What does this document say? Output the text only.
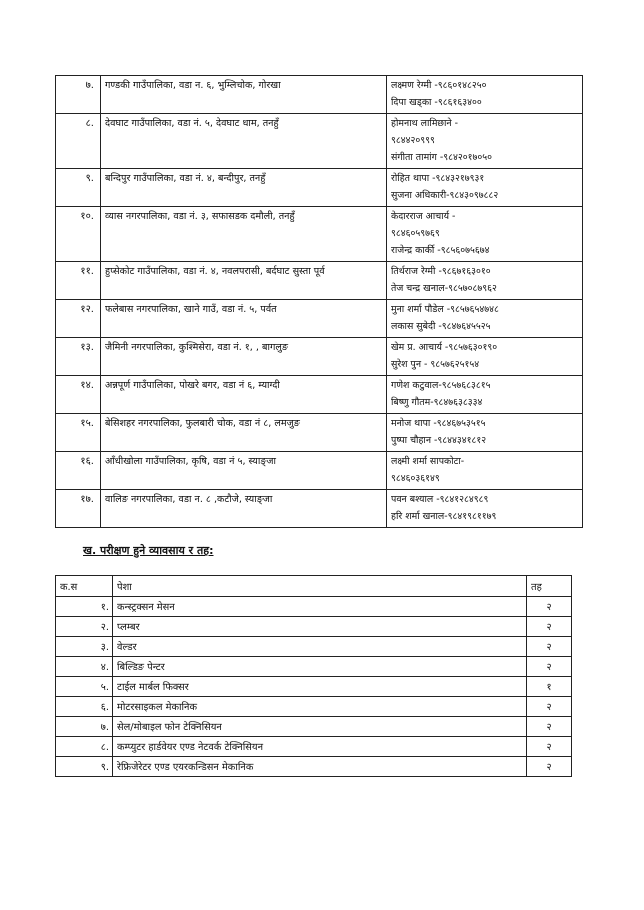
७.	गण्डकी गाउँपालिका, वडा न. ६, भुम्लिचोक, गोरखा	लक्ष्मण रेग्मी -९८६०१४८२५०
दिपा खड्का -९८६१६३४००

८.	देवघाट गाउँपालिका, वडा नं. ५, देवघाट धाम, तनहुँ	होमनाथ लामिछाने -
९८४४२०९९९
संगीता तामांग -९८४२०१७०५०

९.	बन्दिपुर गाउँपालिका, वडा नं. ४, बन्दीपुर, तनहुँ	रोहित थापा -९८४३२१७९३१
सुजना अधिकारी-९८४३०९७८८२

१०.	व्यास नगरपालिका, वडा नं. ३, सफासडक दमौली, तनहुँ	केदारराज आचार्य -
९८४६०५९७६९
राजेन्द्र कार्की -९८५६०७५६७४

११.	हुप्सेकोट गाउँपालिका, वडा नं. ४, नवलपरासी, बर्दघाट सुस्ता पूर्व	तिर्थराज रेग्मी -९८६७१६३०१०
तेज चन्द्र खनाल-९८५७०८७९६२

१२.	फलेबास नगरपालिका, खाने गाउँ, वडा नं. ५, पर्वत	मुना शर्मा पौडेल -९८५७६५४७४८
लकास सुबेदी -९८४७६४५५२५

१३.	जैमिनी नगरपालिका, कुश्मिसेरा, वडा नं. १, , बागलुङ	खेम प्र. आचार्य -९८५७६३०१९०
सुरेश पुन - ९८५७६२५१५४

१४.	अन्नपूर्ण गाउँपालिका, पोखरे बगर, वडा नं ६, म्याग्दी	गणेश कटुवाल-९८५७६८३८१५
बिष्णु गौतम-९८४७६३८३३४

१५.	बेसिशहर नगरपालिका, फुलबारी चोक, वडा नं ८, लमजुङ	मनोज थापा -९८४६७५३५१५
पुष्पा चौहान -९८४४३४१८१२

१६.	आँधीखोला गाउँपालिका, कृषि, वडा नं ५, स्याङ्जा	लक्ष्मी शर्मा सापकोटा-
९८४६०३६१४९

१७.	वालिङ नगरपालिका, वडा न. ८ ,कटौजे, स्याङ्जा	पवन बश्याल -९८४१२८४९८९
हरि शर्मा खनाल-९८४१९८११७९
ख. परीक्षण हुने व्यावसाय र तह:
क.स	पेशा	तह
१.	कन्स्ट्रक्सन मेसन	२
२.	प्लम्बर	२
३.	वेल्डर	२
४.	बिल्डिङ पेन्टर	२
५.	टाईल मार्बल फिक्सर	१
६.	मोटरसाइकल मेकानिक	२
७.	सेल/मोबाइल फोन टेक्निसियन	२
८.	कम्प्युटर हार्डवेयर एण्ड नेटवर्क टेक्निसियन	२
९.	रेफ्रिजेरेटर एण्ड एयरकन्डिसन मेकानिक	२
